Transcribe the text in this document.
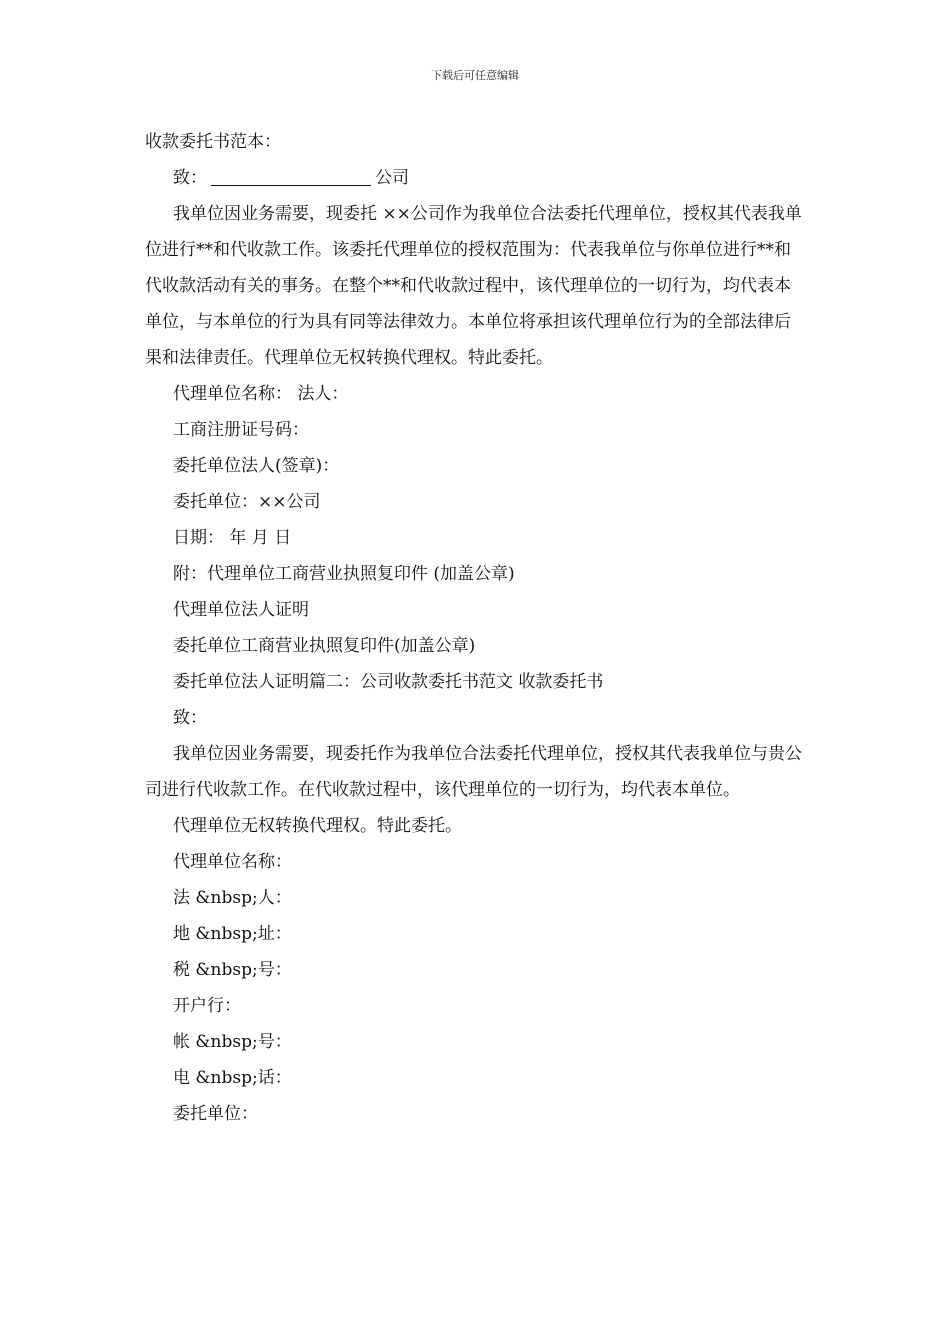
下载后可任意编辑

收款委托书范本：

致：	公司

我单位因业务需要，现委托 ××公司作为我单位合法委托代理单位，授权其代表我单位进行**和代收款工作。该委托代理单位的授权范围为：代表我单位与你单位进行**和代收款活动有关的事务。在整个**和代收款过程中，该代理单位的一切行为，均代表本单位，与本单位的行为具有同等法律效力。本单位将承担该代理单位行为的全部法律后果和法律责任。代理单位无权转换代理权。特此委托。

代理单位名称： 法人：

工商注册证号码：

委托单位法人(签章)：

委托单位：××公司

日期： 年 月 日

附：代理单位工商营业执照复印件 (加盖公章)

代理单位法人证明

委托单位工商营业执照复印件(加盖公章)

委托单位法人证明篇二：公司收款委托书范文 收款委托书

致：

我单位因业务需要，现委托作为我单位合法委托代理单位，授权其代表我单位与贵公司进行代收款工作。在代收款过程中，该代理单位的一切行为，均代表本单位。

代理单位无权转换代理权。特此委托。

代理单位名称：

法 &nbsp;人：

地 &nbsp;址：

税 &nbsp;号：

开户行：

帐 &nbsp;号：

电 &nbsp;话：

委托单位：
